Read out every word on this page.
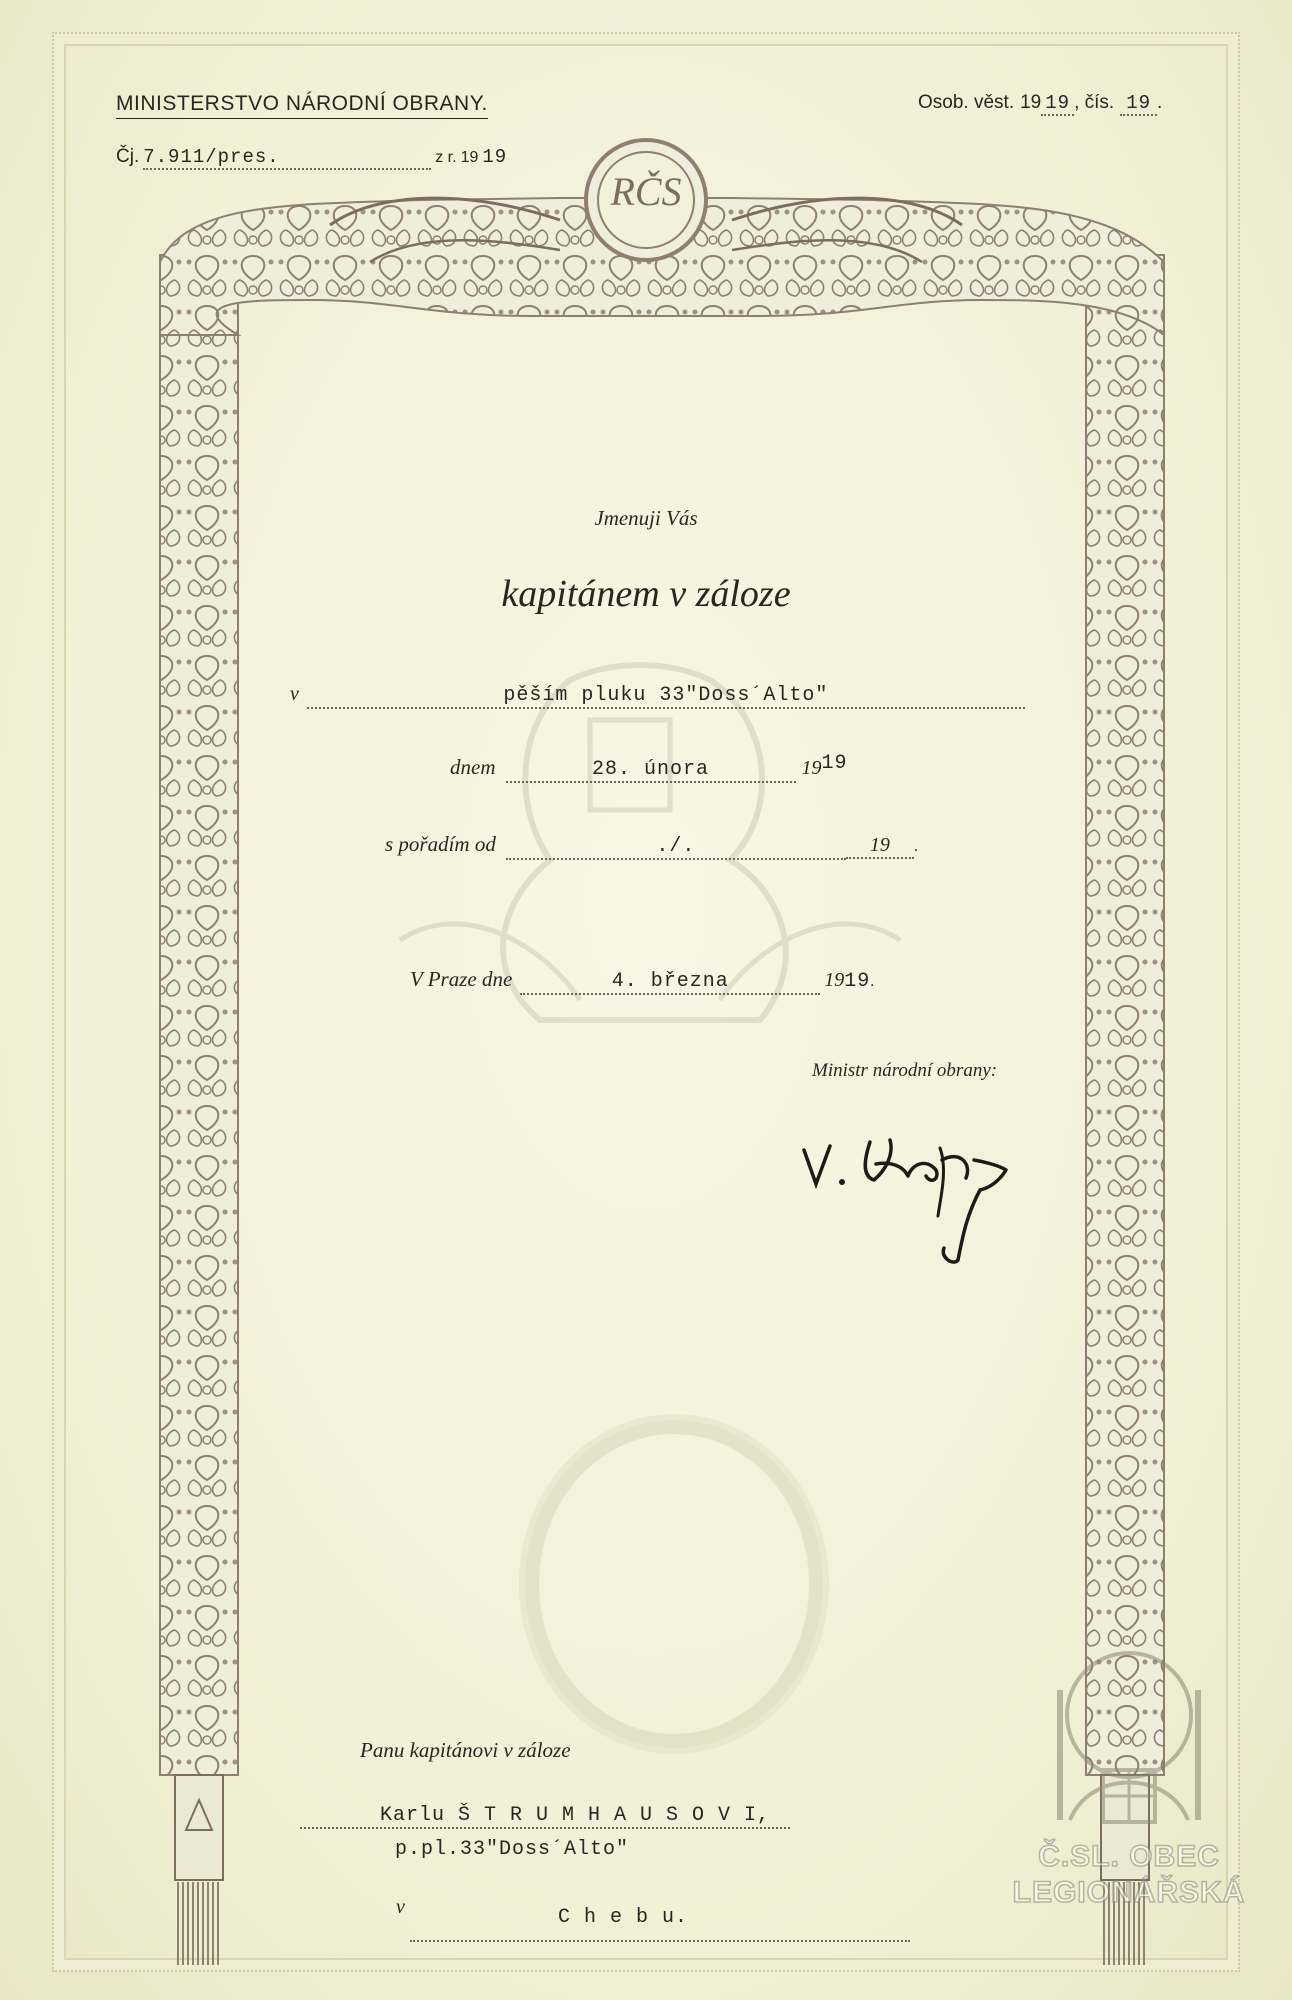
RČS
MINISTERSTVO NÁRODNÍ OBRANY.	Osob. věst. 19 19 , čís. 19 .
Čj. 7.911/pres.	z r. 19 19
Jmenuji Vás
kapitánem v záloze
v	pěším pluku 33"Doss´Alto"
dnem	28. února	19 19
s pořadím od	./.	19	.
V Praze dne	4. března	19 19 .
Ministr národní obrany:
Panu kapitánovi v záloze
Karlu Š T R U M H A U S O V I,
p.pl.33"Doss´Alto"
v	C h e b u.
Č.SL. OBEC
LEGIONÁŘSKÁ
